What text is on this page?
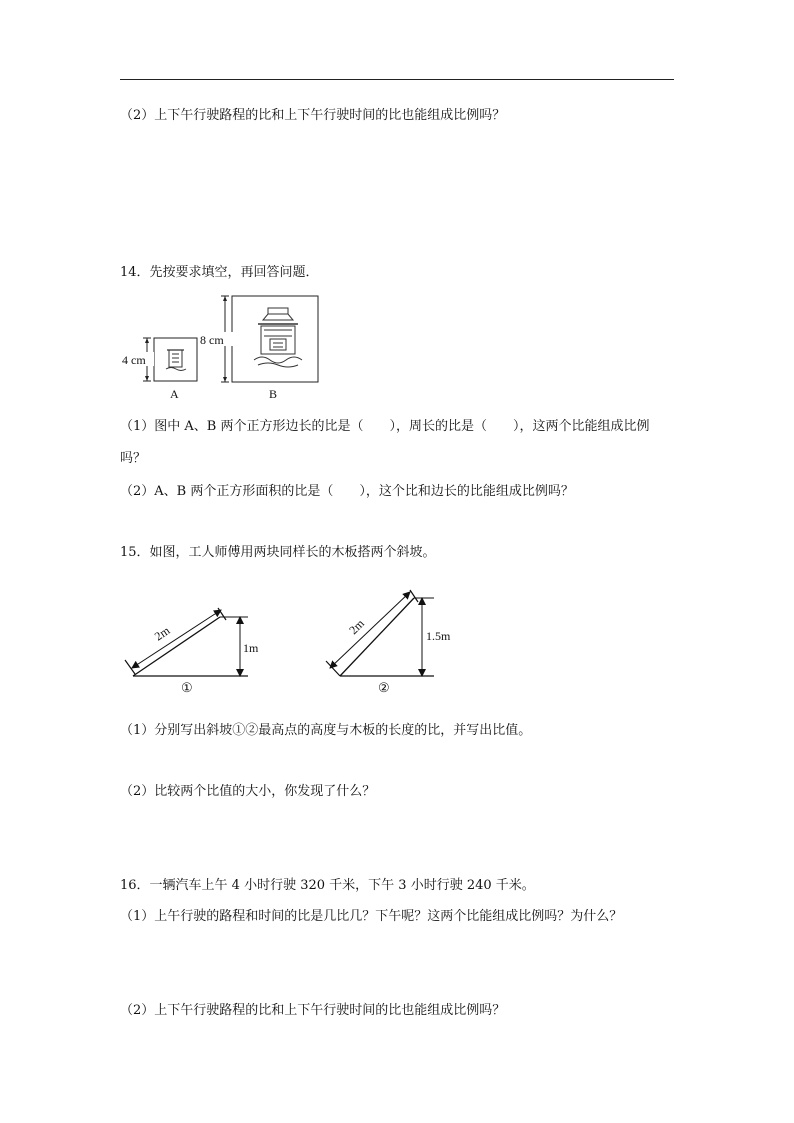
（2）上下午行驶路程的比和上下午行驶时间的比也能组成比例吗？
14．先按要求填空，再回答问题．
4 cm
A
8 cm
B
（1）图中 A、B 两个正方形边长的比是（　　），周长的比是（　　），这两个比能组成比例
吗？
（2）A、B 两个正方形面积的比是（　　），这个比和边长的比能组成比例吗？
15．如图，工人师傅用两块同样长的木板搭两个斜坡。
2m
1m
①
2m	1.5m
②
（1）分别写出斜坡①②最高点的高度与木板的长度的比，并写出比值。
（2）比较两个比值的大小，你发现了什么？
16．一辆汽车上午 4 小时行驶 320 千米，下午 3 小时行驶 240 千米。
（1）上午行驶的路程和时间的比是几比几？下午呢？这两个比能组成比例吗？为什么？
（2）上下午行驶路程的比和上下午行驶时间的比也能组成比例吗？
